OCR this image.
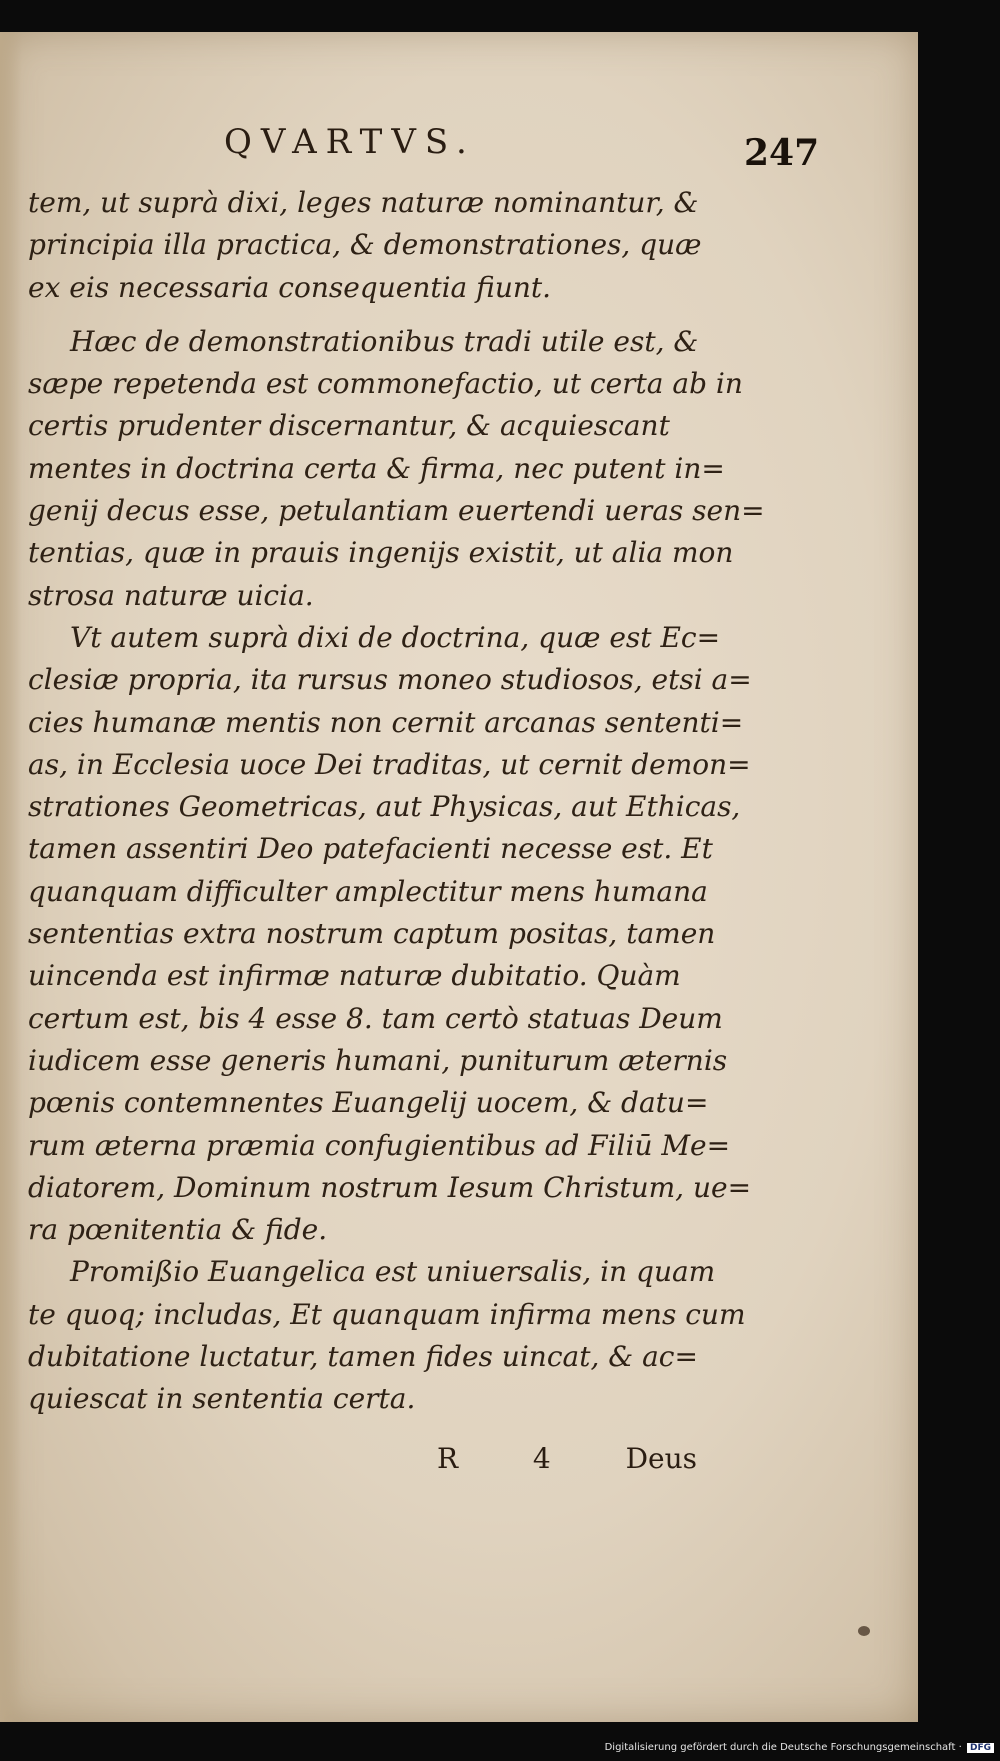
QVARTVS.	247
tem, ut suprà dixi, leges naturæ nominantur, &
principia illa practica, & demonstrationes, quæ
ex eis necessaria consequentia fiunt.
Hæc de demonstrationibus tradi utile est, &
sæpe repetenda est commonefactio, ut certa ab in
certis prudenter discernantur, & acquiescant
mentes in doctrina certa & firma, nec putent in=
genij decus esse, petulantiam euertendi ueras sen=
tentias, quæ in prauis ingenijs existit, ut alia mon
strosa naturæ uicia.
Vt autem suprà dixi de doctrina, quæ est Ec=
clesiæ propria, ita rursus moneo studiosos, etsi a=
cies humanæ mentis non cernit arcanas sententi=
as, in Ecclesia uoce Dei traditas, ut cernit demon=
strationes Geometricas, aut Physicas, aut Ethicas,
tamen assentiri Deo patefacienti necesse est. Et
quanquam difficulter amplectitur mens humana
sententias extra nostrum captum positas, tamen
uincenda est infirmæ naturæ dubitatio. Quàm
certum est, bis 4 esse 8. tam certò statuas Deum
iudicem esse generis humani, puniturum æternis
pœnis contemnentes Euangelij uocem, & datu=
rum æterna præmia confugientibus ad Filiū Me=
diatorem, Dominum nostrum Iesum Christum, ue=
ra pœnitentia & fide.
Promißio Euangelica est uniuersalis, in quam
te quoq; includas, Et quanquam infirma mens cum
dubitatione luctatur, tamen fides uincat, & ac=
quiescat in sententia certa.
R	4	Deus
Digitalisierung gefördert durch die Deutsche Forschungsgemeinschaft · DFG
